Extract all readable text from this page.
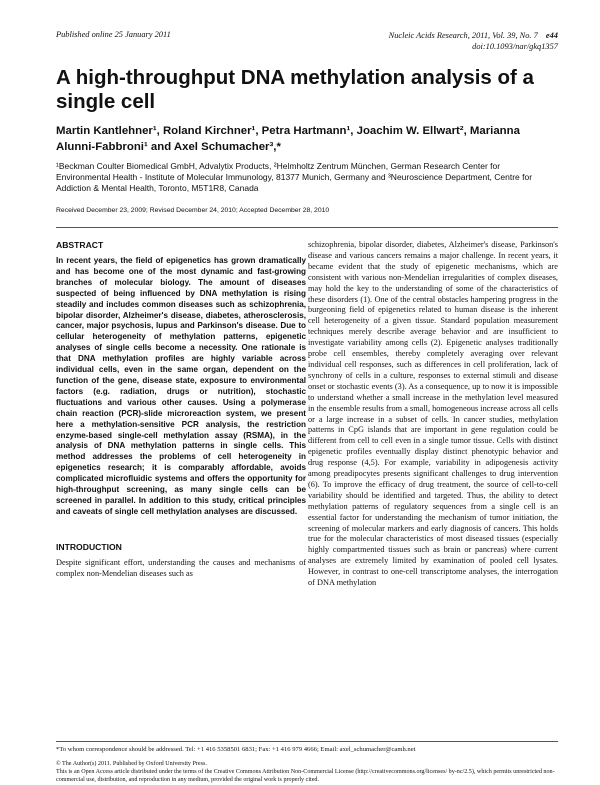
Published online 25 January 2011	Nucleic Acids Research, 2011, Vol. 39, No. 7 e44
doi:10.1093/nar/gkq1357
A high-throughput DNA methylation analysis of a single cell
Martin Kantlehner¹, Roland Kirchner¹, Petra Hartmann¹, Joachim W. Ellwart², Marianna Alunni-Fabbroni¹ and Axel Schumacher³,*
¹Beckman Coulter Biomedical GmbH, Advalytix Products, ²Helmholtz Zentrum München, German Research Center for Environmental Health - Institute of Molecular Immunology, 81377 Munich, Germany and ³Neuroscience Department, Centre for Addiction & Mental Health, Toronto, M5T1R8, Canada
Received December 23, 2009; Revised December 24, 2010; Accepted December 28, 2010
ABSTRACT

In recent years, the field of epigenetics has grown dramatically and has become one of the most dynamic and fast-growing branches of molecular biology. The amount of diseases suspected of being influenced by DNA methylation is rising steadily and includes common diseases such as schizophrenia, bipolar disorder, Alzheimer's disease, diabetes, atherosclerosis, cancer, major psychosis, lupus and Parkinson's disease. Due to cellular heterogeneity of methylation patterns, epigenetic analyses of single cells become a necessity. One rationale is that DNA methylation profiles are highly variable across individual cells, even in the same organ, dependent on the function of the gene, disease state, exposure to environmental factors (e.g. radiation, drugs or nutrition), stochastic fluctuations and various other causes. Using a polymerase chain reaction (PCR)-slide microreaction system, we present here a methylation-sensitive PCR analysis, the restriction enzyme-based single-cell methylation assay (RSMA), in the analysis of DNA methylation patterns in single cells. This method addresses the problems of cell heterogeneity in epigenetics research; it is comparably affordable, avoids complicated microfluidic systems and offers the opportunity for high-throughput screening, as many single cells can be screened in parallel. In addition to this study, critical principles and caveats of single cell methylation analyses are discussed.

INTRODUCTION

Despite significant effort, understanding the causes and mechanisms of complex non-Mendelian diseases such as

schizophrenia, bipolar disorder, diabetes, Alzheimer's disease, Parkinson's disease and various cancers remains a major challenge. In recent years, it became evident that the study of epigenetic mechanisms, which are consistent with various non-Mendelian irregularities of complex diseases, may hold the key to the understanding of some of the characteristics of these disorders (1). One of the central obstacles hampering progress in the burgeoning field of epigenetics related to human disease is the inherent cell heterogeneity of a given tissue. Standard population measurement techniques merely describe average behavior and are insufficient to investigate variability among cells (2). Epigenetic analyses traditionally probe cell ensembles, thereby completely averaging over relevant individual cell responses, such as differences in cell proliferation, lack of synchrony of cells in a culture, responses to external stimuli and disease onset or stochastic events (3). As a consequence, up to now it is impossible to understand whether a small increase in the methylation level measured in the ensemble results from a small, homogeneous increase across all cells or a large increase in a subset of cells. In cancer studies, methylation patterns in CpG islands that are important in gene regulation could be different from cell to cell even in a single tumor tissue. Cells with distinct epigenetic profiles eventually display distinct phenotypic behavior and drug response (4,5). For example, variability in adipogenesis activity among preadipocytes presents significant challenges to drug intervention (6). To improve the efficacy of drug treatment, the source of cell-to-cell variability should be identified and targeted. Thus, the ability to detect methylation patterns of regulatory sequences from a single cell is an essential factor for understanding the mechanism of tumor initiation, the screening of molecular markers and early diagnosis of cancers. This holds true for the molecular characteristics of most diseased tissues (especially highly compartmented tissues such as brain or pancreas) where current analyses are extremely limited by examination of pooled cell lysates. However, in contrast to one-cell transcriptome analyses, the interrogation of DNA methylation

*To whom correspondence should be addressed. Tel: +1 416 5358501 6831; Fax: +1 416 979 4666; Email: axel_schumacher@camh.net

© The Author(s) 2011. Published by Oxford University Press.

This is an Open Access article distributed under the terms of the Creative Commons Attribution Non-Commercial License (http://creativecommons.org/licenses/ by-nc/2.5), which permits unrestricted non-commercial use, distribution, and reproduction in any medium, provided the original work is properly cited.
